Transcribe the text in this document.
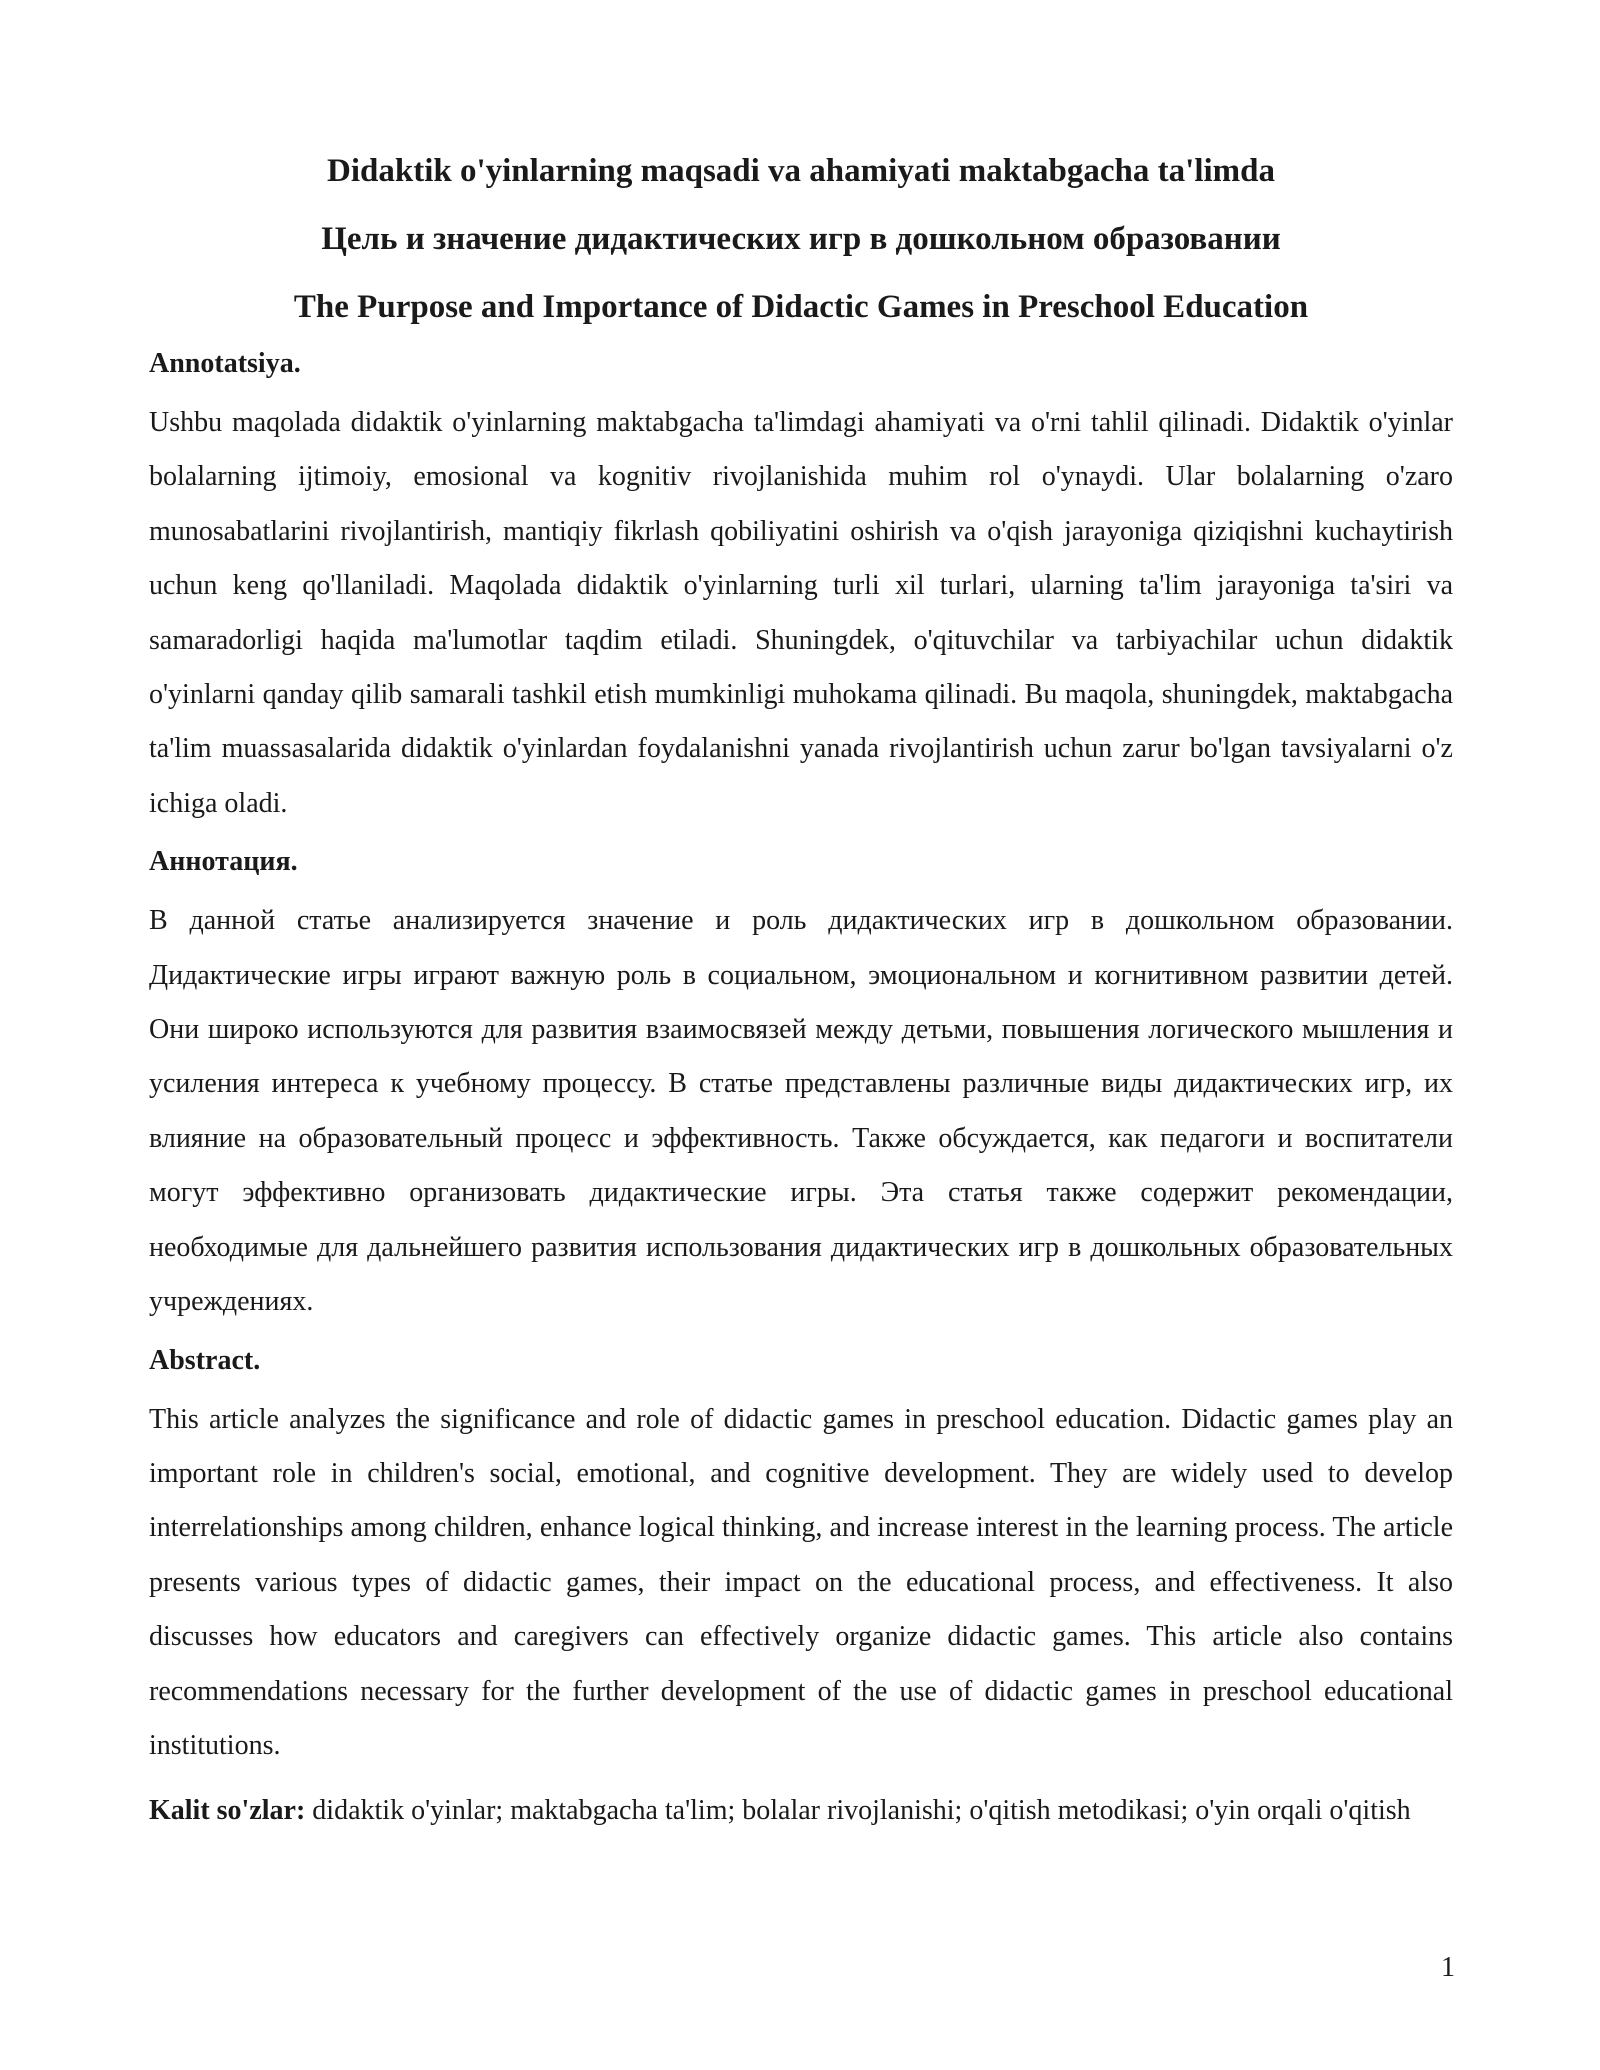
Didaktik o'yinlarning maqsadi va ahamiyati maktabgacha ta'limda
Цель и значение дидактических игр в дошкольном образовании
The Purpose and Importance of Didactic Games in Preschool Education

Annotatsiya.

Ushbu maqolada didaktik o'yinlarning maktabgacha ta'limdagi ahamiyati va o'rni tahlil qilinadi. Didaktik o'yinlar bolalarning ijtimoiy, emosional va kognitiv rivojlanishida muhim rol o'ynaydi. Ular bolalarning o'zaro munosabatlarini rivojlantirish, mantiqiy fikrlash qobiliyatini oshirish va o'qish jarayoniga qiziqishni kuchaytirish uchun keng qo'llaniladi. Maqolada didaktik o'yinlarning turli xil turlari, ularning ta'lim jarayoniga ta'siri va samaradorligi haqida ma'lumotlar taqdim etiladi. Shuningdek, o'qituvchilar va tarbiyachilar uchun didaktik o'yinlarni qanday qilib samarali tashkil etish mumkinligi muhokama qilinadi. Bu maqola, shuningdek, maktabgacha ta'lim muassasalarida didaktik o'yinlardan foydalanishni yanada rivojlantirish uchun zarur bo'lgan tavsiyalarni o'z ichiga oladi.

Аннотация.

В данной статье анализируется значение и роль дидактических игр в дошкольном образовании. Дидактические игры играют важную роль в социальном, эмоциональном и когнитивном развитии детей. Они широко используются для развития взаимосвязей между детьми, повышения логического мышления и усиления интереса к учебному процессу. В статье представлены различные виды дидактических игр, их влияние на образовательный процесс и эффективность. Также обсуждается, как педагоги и воспитатели могут эффективно организовать дидактические игры. Эта статья также содержит рекомендации, необходимые для дальнейшего развития использования дидактических игр в дошкольных образовательных учреждениях.

Abstract.

This article analyzes the significance and role of didactic games in preschool education. Didactic games play an important role in children's social, emotional, and cognitive development. They are widely used to develop interrelationships among children, enhance logical thinking, and increase interest in the learning process. The article presents various types of didactic games, their impact on the educational process, and effectiveness. It also discusses how educators and caregivers can effectively organize didactic games. This article also contains recommendations necessary for the further development of the use of didactic games in preschool educational institutions.

Kalit so'zlar: didaktik o'yinlar; maktabgacha ta'lim; bolalar rivojlanishi; o'qitish metodikasi; o'yin orqali o'qitish

1
